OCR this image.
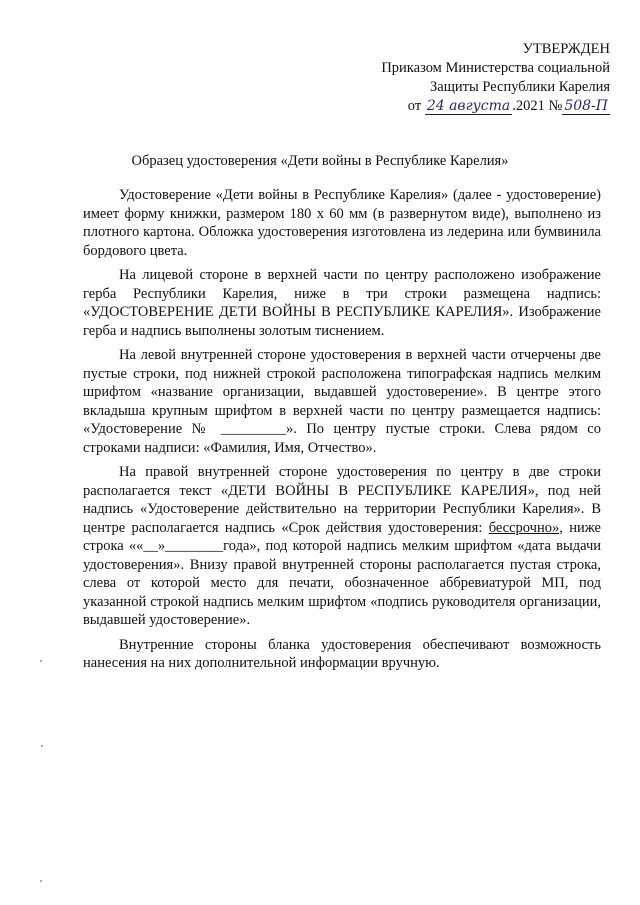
УТВЕРЖДЕН
Приказом Министерства социальной
Защиты Республики Карелия
от 24 августа .2021 № 508-П
Образец удостоверения «Дети войны в Республике Карелия»

Удостоверение «Дети войны в Республике Карелия» (далее - удостоверение) имеет форму книжки, размером 180 х 60 мм (в развернутом виде), выполнено из плотного картона. Обложка удостоверения изготовлена из ледерина или бумвинила бордового цвета.

На лицевой стороне в верхней части по центру расположено изображение герба Республики Карелия, ниже в три строки размещена надпись: «УДОСТОВЕРЕНИЕ ДЕТИ ВОЙНЫ В РЕСПУБЛИКЕ КАРЕЛИЯ». Изображение герба и надпись выполнены золотым тиснением.

На левой внутренней стороне удостоверения в верхней части отчерчены две пустые строки, под нижней строкой расположена типографская надпись мелким шрифтом «название организации, выдавшей удостоверение». В центре этого вкладыша крупным шрифтом в верхней части по центру размещается надпись: «Удостоверение № _________». По центру пустые строки. Слева рядом со строками надписи: «Фамилия, Имя, Отчество».

На правой внутренней стороне удостоверения по центру в две строки располагается текст «ДЕТИ ВОЙНЫ В РЕСПУБЛИКЕ КАРЕЛИЯ», под ней надпись «Удостоверение действительно на территории Республики Карелия». В центре располагается надпись «Срок действия удостоверения: бессрочно», ниже строка ««__»________года», под которой надпись мелким шрифтом «дата выдачи удостоверения». Внизу правой внутренней стороны располагается пустая строка, слева от которой место для печати, обозначенное аббревиатурой МП, под указанной строкой надпись мелким шрифтом «подпись руководителя организации, выдавшей удостоверение».

Внутренние стороны бланка удостоверения обеспечивают возможность нанесения на них дополнительной информации вручную.
